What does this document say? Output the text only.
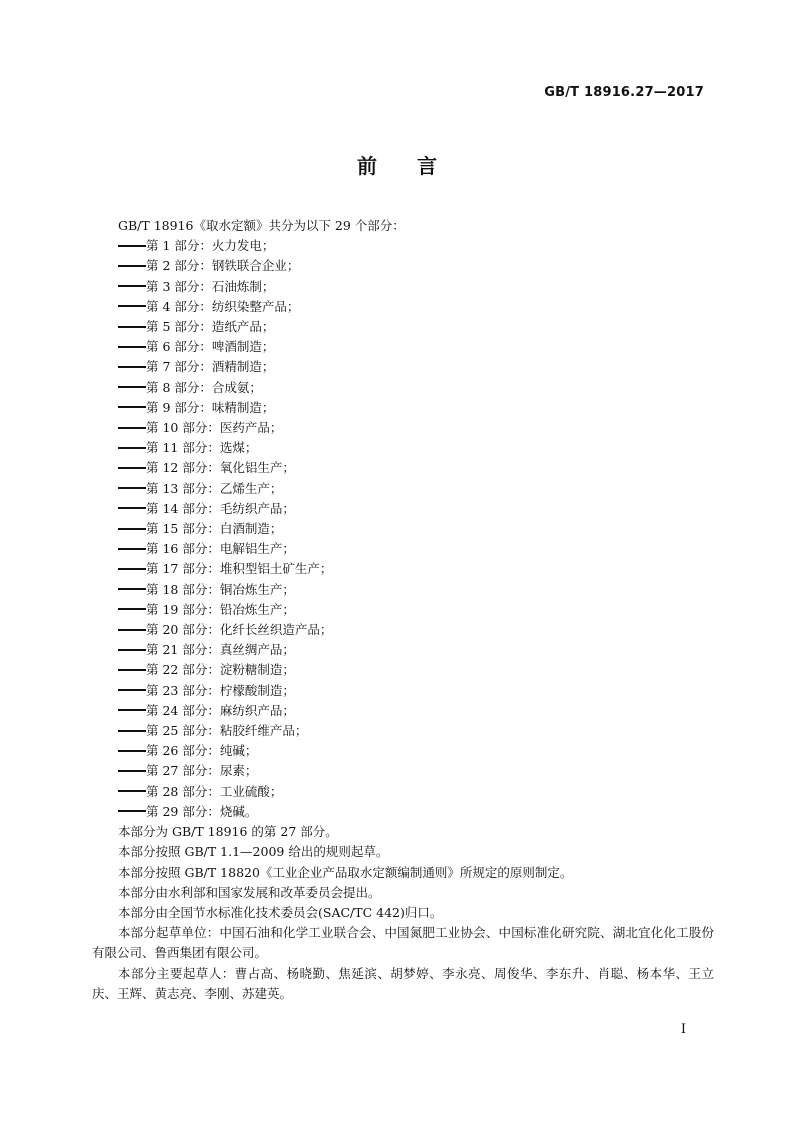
GB/T 18916.27—2017
前言

GB/T 18916《取水定额》共分为以下 29 个部分：

第 1 部分：火力发电；

第 2 部分：钢铁联合企业；

第 3 部分：石油炼制；

第 4 部分：纺织染整产品；

第 5 部分：造纸产品；

第 6 部分：啤酒制造；

第 7 部分：酒精制造；

第 8 部分：合成氨；

第 9 部分：味精制造；

第 10 部分：医药产品；

第 11 部分：选煤；

第 12 部分：氧化铝生产；

第 13 部分：乙烯生产；

第 14 部分：毛纺织产品；

第 15 部分：白酒制造；

第 16 部分：电解铝生产；

第 17 部分：堆积型铝土矿生产；

第 18 部分：铜冶炼生产；

第 19 部分：铅冶炼生产；

第 20 部分：化纤长丝织造产品；

第 21 部分：真丝绸产品；

第 22 部分：淀粉糖制造；

第 23 部分：柠檬酸制造；

第 24 部分：麻纺织产品；

第 25 部分：粘胶纤维产品；

第 26 部分：纯碱；

第 27 部分：尿素；

第 28 部分：工业硫酸；

第 29 部分：烧碱。

本部分为 GB/T 18916 的第 27 部分。

本部分按照 GB/T 1.1—2009 给出的规则起草。

本部分按照 GB/T 18820《工业企业产品取水定额编制通则》所规定的原则制定。

本部分由水利部和国家发展和改革委员会提出。

本部分由全国节水标准化技术委员会(SAC/TC 442)归口。

本部分起草单位：中国石油和化学工业联合会、中国氮肥工业协会、中国标准化研究院、湖北宜化化工股份有限公司、鲁西集团有限公司。

本部分主要起草人：曹占高、杨晓勤、焦延滨、胡梦婷、李永亮、周俊华、李东升、肖聪、杨本华、王立庆、王辉、黄志亮、李刚、苏建英。

I
